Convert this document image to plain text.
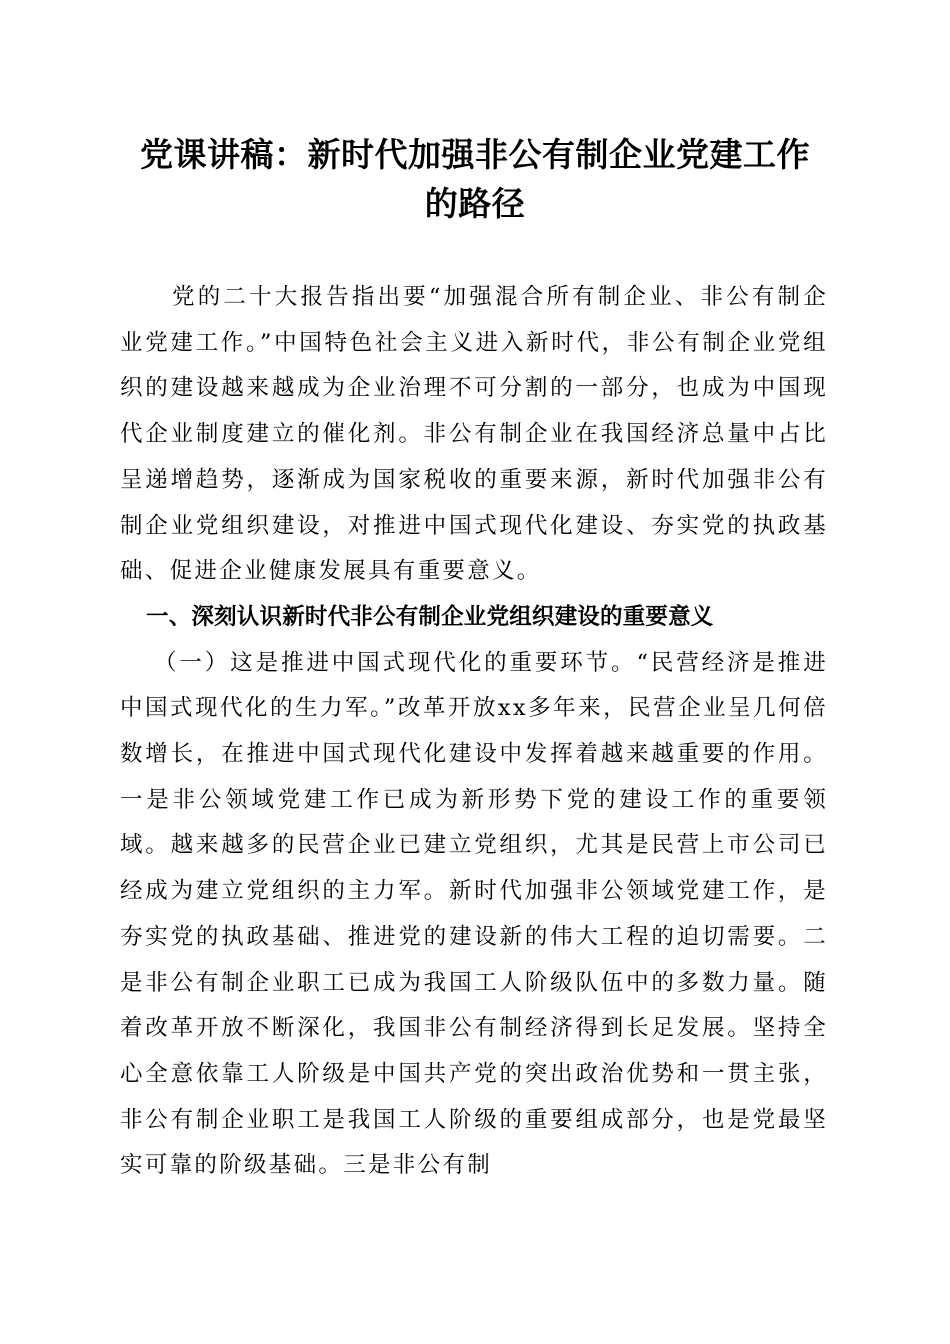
党课讲稿：新时代加强非公有制企业党建工作
的路径

党的二十大报告指出要“加强混合所有制企业、非公有制企业党建工作。”中国特色社会主义进入新时代，非公有制企业党组织的建设越来越成为企业治理不可分割的一部分，也成为中国现代企业制度建立的催化剂。非公有制企业在我国经济总量中占比呈递增趋势，逐渐成为国家税收的重要来源，新时代加强非公有制企业党组织建设，对推进中国式现代化建设、夯实党的执政基础、促进企业健康发展具有重要意义。

一、深刻认识新时代非公有制企业党组织建设的重要意义

（一）这是推进中国式现代化的重要环节。“民营经济是推进中国式现代化的生力军。”改革开放xx多年来，民营企业呈几何倍数增长，在推进中国式现代化建设中发挥着越来越重要的作用。一是非公领域党建工作已成为新形势下党的建设工作的重要领域。越来越多的民营企业已建立党组织，尤其是民营上市公司已经成为建立党组织的主力军。新时代加强非公领域党建工作，是夯实党的执政基础、推进党的建设新的伟大工程的迫切需要。二是非公有制企业职工已成为我国工人阶级队伍中的多数力量。随着改革开放不断深化，我国非公有制经济得到长足发展。坚持全心全意依靠工人阶级是中国共产党的突出政治优势和一贯主张，非公有制企业职工是我国工人阶级的重要组成部分，也是党最坚实可靠的阶级基础。三是非公有制
